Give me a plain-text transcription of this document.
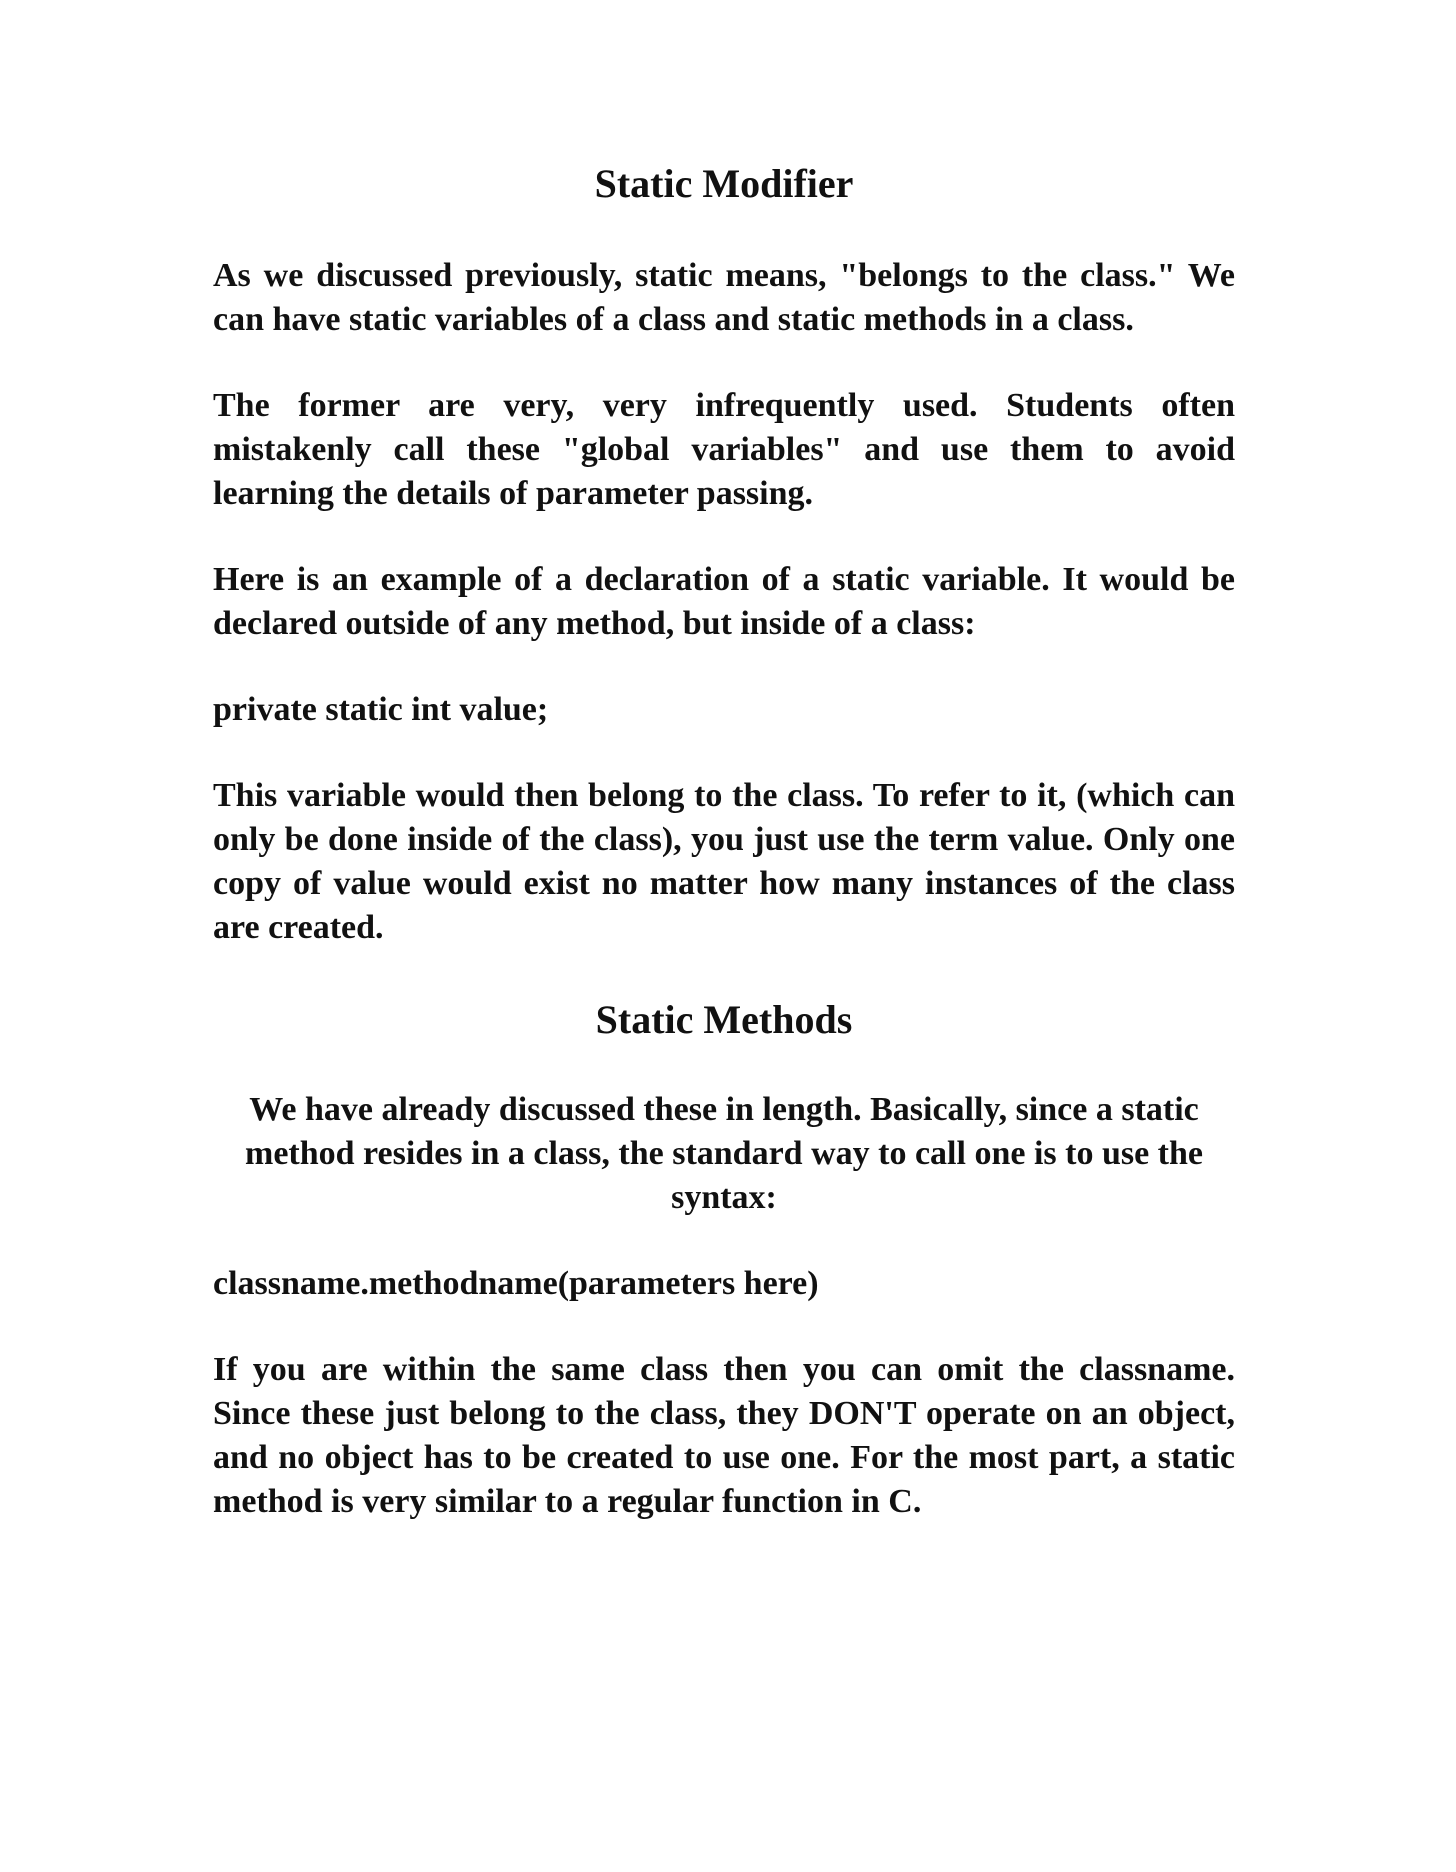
Static Modifier

As we discussed previously, static means, "belongs to the class." We can have static variables of a class and static methods in a class.

The former are very, very infrequently used. Students often mistakenly call these "global variables" and use them to avoid learning the details of parameter passing.

Here is an example of a declaration of a static variable. It would be declared outside of any method, but inside of a class:

private static int value;

This variable would then belong to the class. To refer to it, (which can only be done inside of the class), you just use the term value. Only one copy of value would exist no matter how many instances of the class are created.

Static Methods

We have already discussed these in length. Basically, since a static method resides in a class, the standard way to call one is to use the syntax:

classname.methodname(parameters here)

If you are within the same class then you can omit the classname. Since these just belong to the class, they DON'T operate on an object, and no object has to be created to use one. For the most part, a static method is very similar to a regular function in C.
